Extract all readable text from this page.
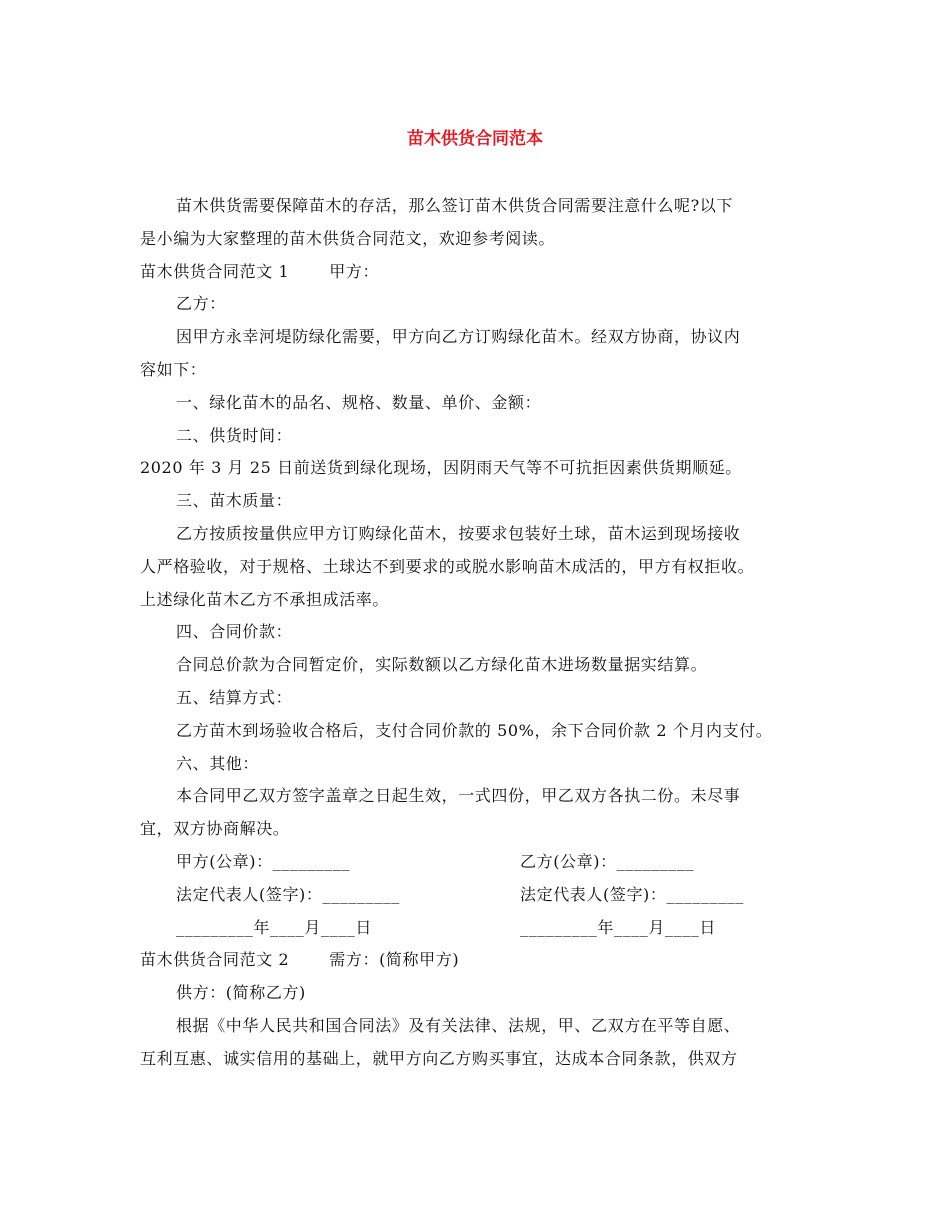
苗木供货合同范本
苗木供货需要保障苗木的存活，那么签订苗木供货合同需要注意什么呢?以下
是小编为大家整理的苗木供货合同范文，欢迎参考阅读。
苗木供货合同范文 1	甲方：
乙方：
因甲方永幸河堤防绿化需要，甲方向乙方订购绿化苗木。经双方协商，协议内
容如下：
一、绿化苗木的品名、规格、数量、单价、金额：
二、供货时间：
2020 年 3 月 25 日前送货到绿化现场，因阴雨天气等不可抗拒因素供货期顺延。
三、苗木质量：
乙方按质按量供应甲方订购绿化苗木，按要求包装好土球，苗木运到现场接收
人严格验收，对于规格、土球达不到要求的或脱水影响苗木成活的，甲方有权拒收。
上述绿化苗木乙方不承担成活率。
四、合同价款：
合同总价款为合同暂定价，实际数额以乙方绿化苗木进场数量据实结算。
五、结算方式：
乙方苗木到场验收合格后，支付合同价款的 50%，余下合同价款 2 个月内支付。
六、其他：
本合同甲乙双方签字盖章之日起生效，一式四份，甲乙双方各执二份。未尽事
宜，双方协商解决。
甲方(公章)：_________	乙方(公章)：_________
法定代表人(签字)：_________	法定代表人(签字)：_________
_________年____月____日	_________年____月____日
苗木供货合同范文 2	需方：(简称甲方)
供方：(简称乙方)
根据《中华人民共和国合同法》及有关法律、法规，甲、乙双方在平等自愿、
互利互惠、诚实信用的基础上，就甲方向乙方购买事宜，达成本合同条款，供双方
